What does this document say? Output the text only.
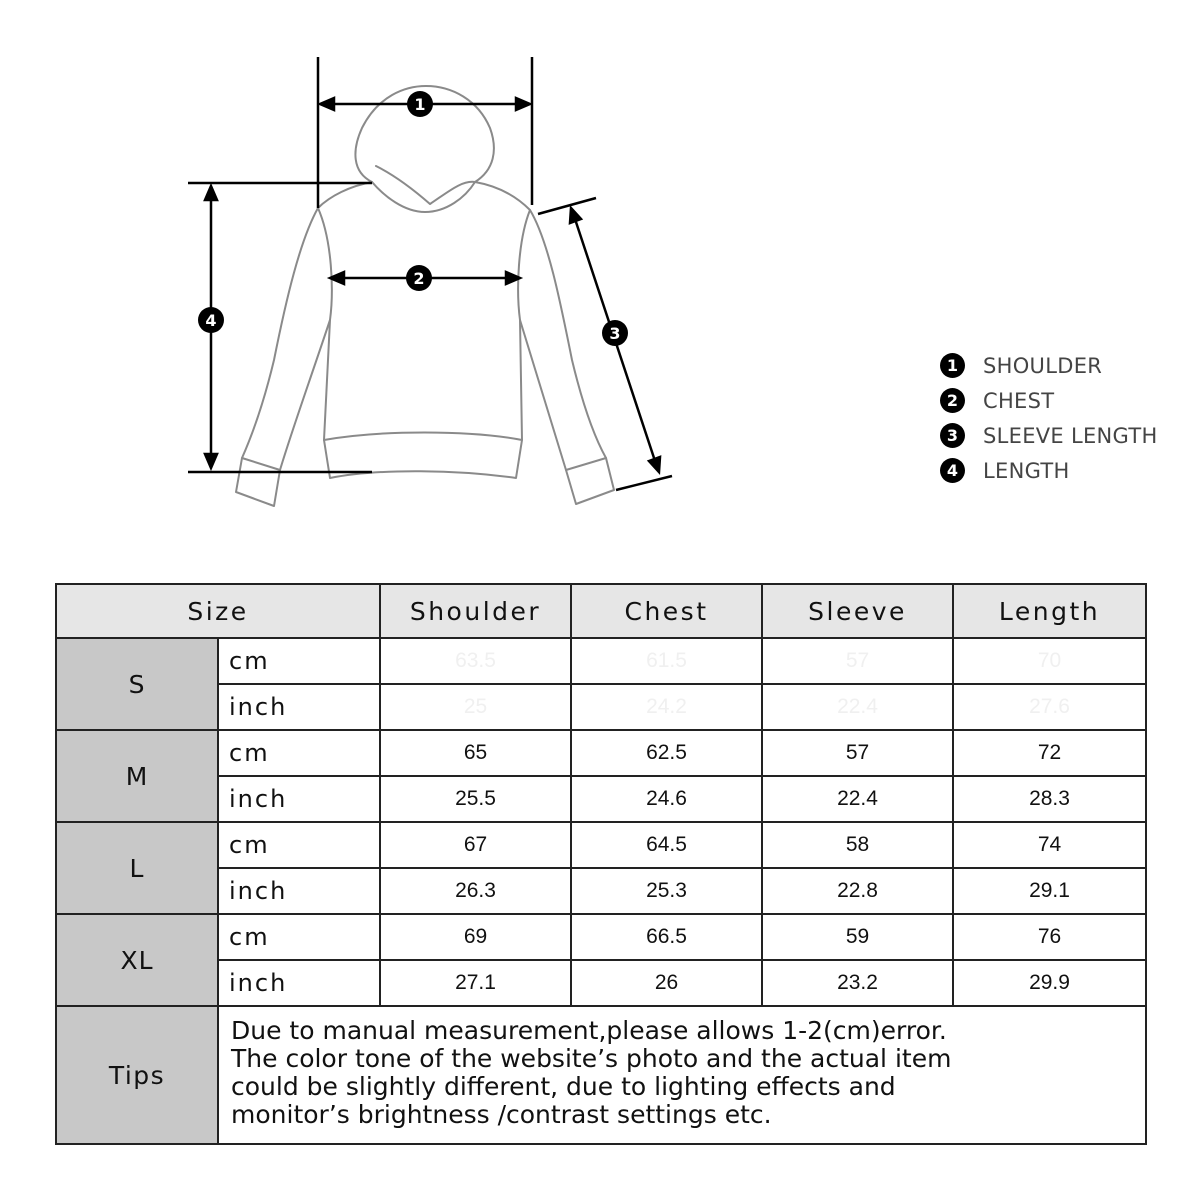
1
2
3
4
1	SHOULDER
2	CHEST
3	SLEEVE LENGTH
4	LENGTH
Size		Shoulder	Chest	Sleeve	Length
S	cm	63.5	61.5	57	70
	inch	25	24.2	22.4	27.6
M	cm	65	62.5	57	72
	inch	25.5	24.6	22.4	28.3
L	cm	67	64.5	58	74
	inch	26.3	25.3	22.8	29.1
XL	cm	69	66.5	59	76
	inch	27.1	26	23.2	29.9
Tips	Due to manual measurement,please allows 1-2(cm)error.
The color tone of the website’s photo and the actual item
could be slightly different, due to lighting effects and
monitor’s brightness /contrast settings etc.				
